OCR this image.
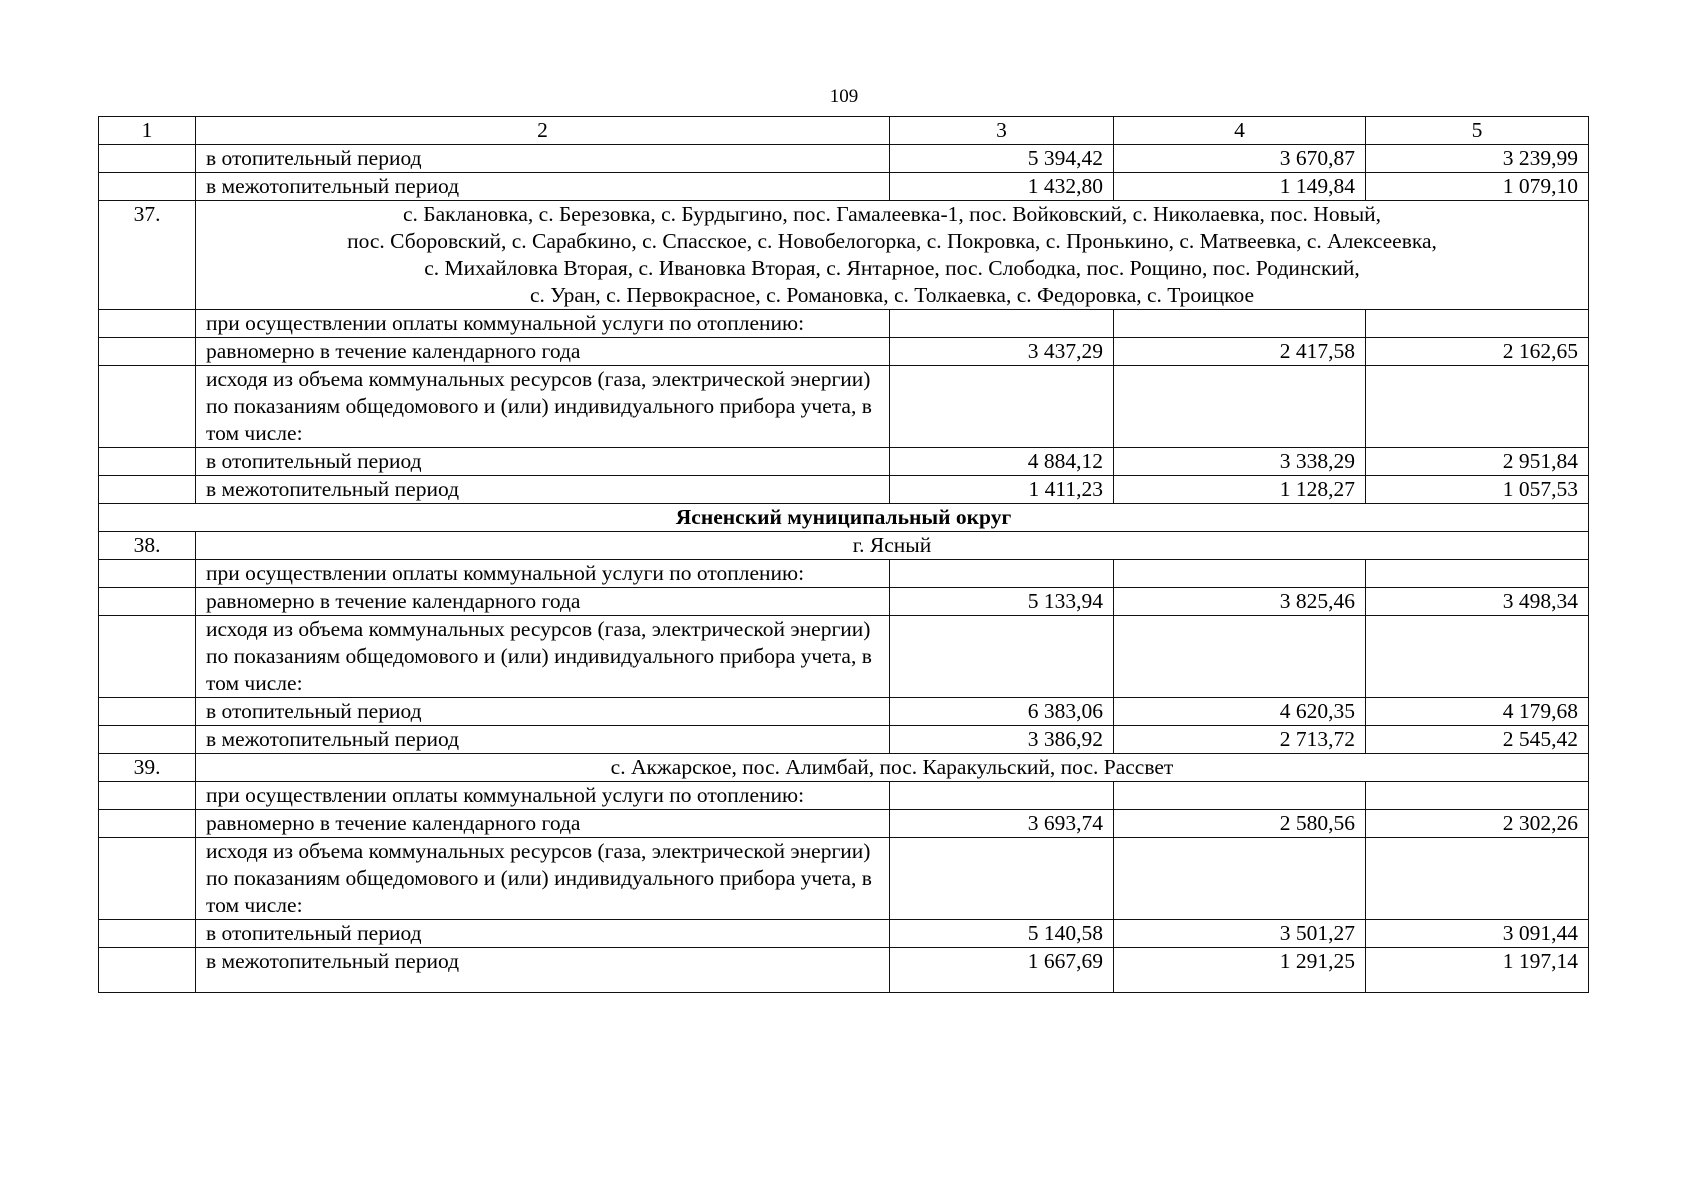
109
1	2	3	4	5
	в отопительный период	5 394,42	3 670,87	3 239,99
	в межотопительный период	1 432,80	1 149,84	1 079,10
37.	с. Баклановка, с. Березовка, с. Бурдыгино, пос. Гамалеевка-1, пос. Войковский, с. Николаевка, пос. Новый,
пос. Сборовский, с. Сарабкино, с. Спасское, с. Новобелогорка, с. Покровка, с. Пронькино, с. Матвеевка, с. Алексеевка,
с. Михайловка Вторая, с. Ивановка Вторая, с. Янтарное, пос. Слободка, пос. Рощино, пос. Родинский,
с. Уран, с. Первокрасное, с. Романовка, с. Толкаевка, с. Федоровка, с. Троицкое			

	при осуществлении оплаты коммунальной услуги по отоплению:			
	равномерно в течение календарного года	3 437,29	2 417,58	2 162,65
	исходя из объема коммунальных ресурсов (газа, электрической энергии) по показаниям общедомового и (или) индивидуального прибора учета, в том числе:			
	в отопительный период	4 884,12	3 338,29	2 951,84
	в межотопительный период	1 411,23	1 128,27	1 057,53
Ясненский муниципальный округ				
38.	г. Ясный			

	при осуществлении оплаты коммунальной услуги по отоплению:			
	равномерно в течение календарного года	5 133,94	3 825,46	3 498,34
	исходя из объема коммунальных ресурсов (газа, электрической энергии) по показаниям общедомового и (или) индивидуального прибора учета, в том числе:			
	в отопительный период	6 383,06	4 620,35	4 179,68
	в межотопительный период	3 386,92	2 713,72	2 545,42
39.	с. Акжарское, пос. Алимбай, пос. Каракульский, пос. Рассвет			

	при осуществлении оплаты коммунальной услуги по отоплению:			
	равномерно в течение календарного года	3 693,74	2 580,56	2 302,26
	исходя из объема коммунальных ресурсов (газа, электрической энергии) по показаниям общедомового и (или) индивидуального прибора учета, в том числе:			
	в отопительный период	5 140,58	3 501,27	3 091,44
	в межотопительный период	1 667,69	1 291,25	1 197,14
